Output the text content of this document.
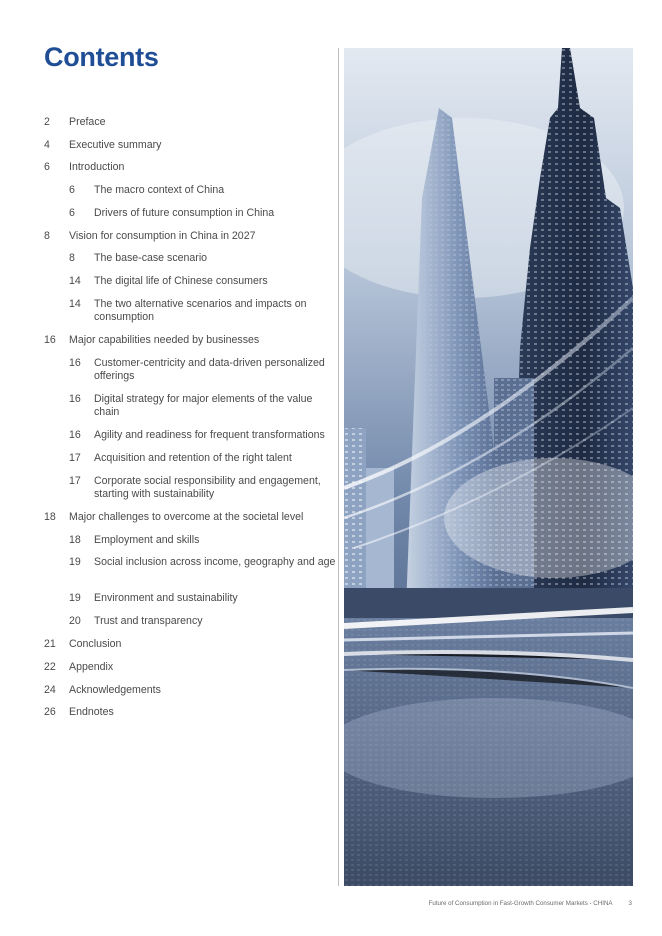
Contents
2	Preface
4	Executive summary
6	Introduction
6	The macro context of China
6	Drivers of future consumption in China
8	Vision for consumption in China in 2027
8	The base-case scenario
14	The digital life of Chinese consumers
14	The two alternative scenarios and impacts on consumption
16	Major capabilities needed by businesses
16	Customer-centricity and data-driven personalized offerings
16	Digital strategy for major elements of the value chain
16	Agility and readiness for frequent transformations
17	Acquisition and retention of the right talent
17	Corporate social responsibility and engagement, starting with sustainability
18	Major challenges to overcome at the societal level
18	Employment and skills
19	Social inclusion across income, geography and age
19	Environment and sustainability
20	Trust and transparency
21	Conclusion
22	Appendix
24	Acknowledgements
26	Endnotes
Future of Consumption in Fast-Growth Consumer Markets - CHINA	3
